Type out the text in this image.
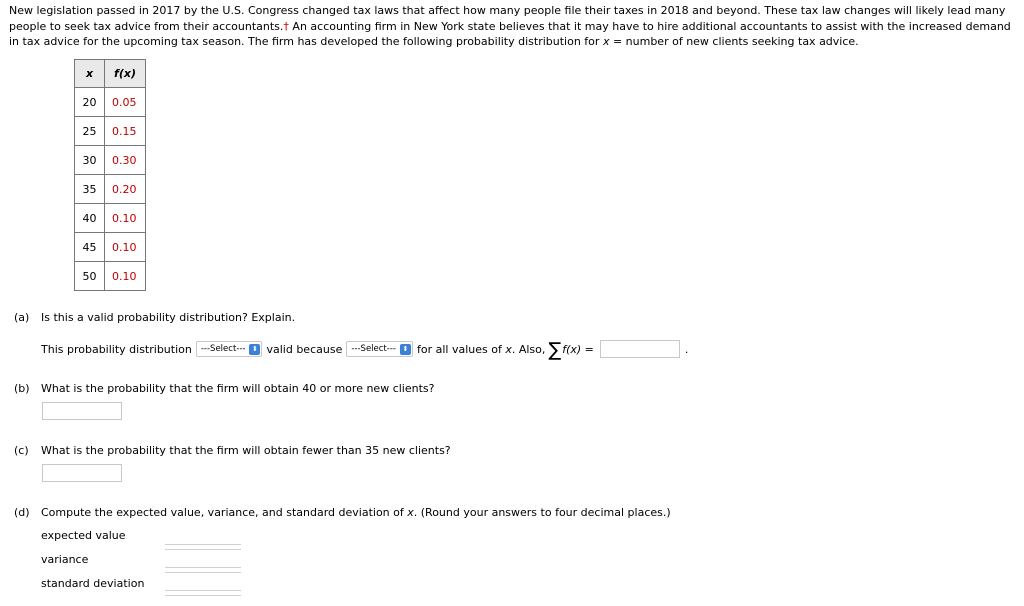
New legislation passed in 2017 by the U.S. Congress changed tax laws that affect how many people file their taxes in 2018 and beyond. These tax law changes will likely lead many people to seek tax advice from their accountants.† An accounting firm in New York state believes that it may have to hire additional accountants to assist with the increased demand in tax advice for the upcoming tax season. The firm has developed the following probability distribution for x = number of new clients seeking tax advice.
x	f(x)
20	0.05
25	0.15
30	0.30
35	0.20
40	0.10
45	0.10
50	0.10
(a) Is this a valid probability distribution? Explain.
This probability distribution ---Select--- ⬍ valid because ---Select--- ⬍ for all values of
x . Also, ∑ f(x)
=	.
(b) What is the probability that the firm will obtain 40 or more new clients?
(c) What is the probability that the firm will obtain fewer than 35 new clients?
(d) Compute the expected value, variance, and standard deviation of x. (Round your answers to four decimal places.)
expected value
variance
standard deviation
